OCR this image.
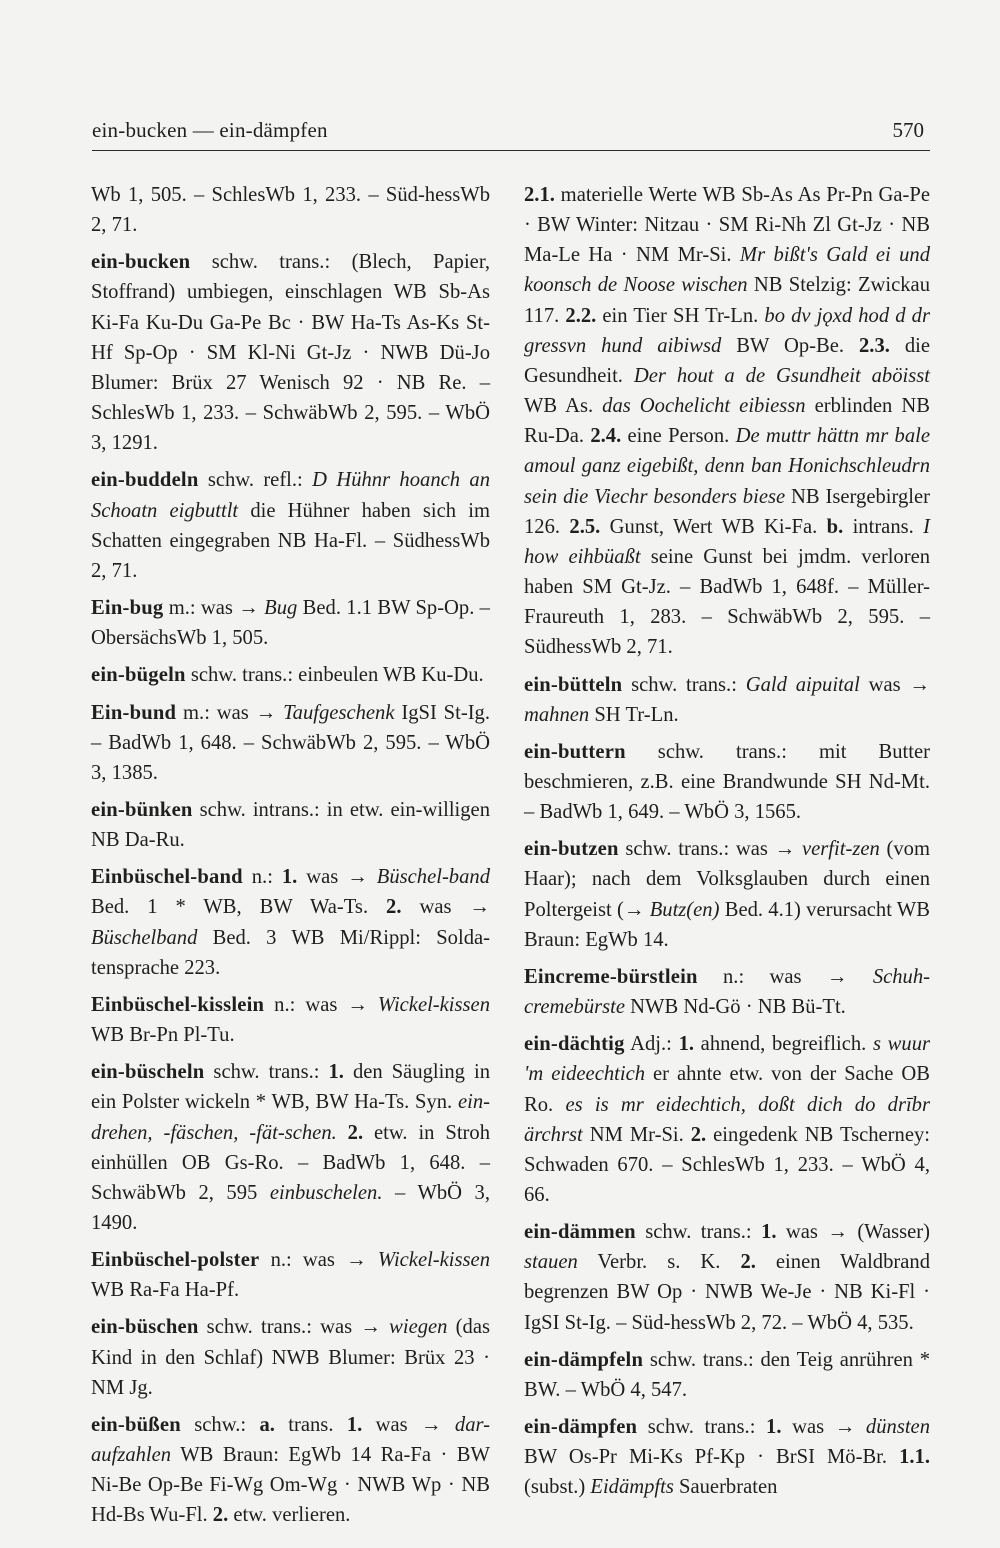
ein-bucken — ein-dämpfen	570

Wb 1, 505. – SchlesWb 1, 233. – Süd-hessWb 2, 71.

ein-bucken schw. trans.: (Blech, Papier, Stoffrand) umbiegen, einschlagen WB Sb-As Ki-Fa Ku-Du Ga-Pe Bc · BW Ha-Ts As-Ks St-Hf Sp-Op · SM Kl-Ni Gt-Jz · NWB Dü-Jo Blumer: Brüx 27 Wenisch 92 · NB Re. – SchlesWb 1, 233. – SchwäbWb 2, 595. – WbÖ 3, 1291.

ein-buddeln schw. refl.: D Hühnr hoanch an Schoatn eigbuttlt die Hühner haben sich im Schatten eingegraben NB Ha-Fl. – SüdhessWb 2, 71.

Ein-bug m.: was → Bug Bed. 1.1 BW Sp-Op. – ObersächsWb 1, 505.

ein-bügeln schw. trans.: einbeulen WB Ku-Du.

Ein-bund m.: was → Taufgeschenk IgSI St-Ig. – BadWb 1, 648. – SchwäbWb 2, 595. – WbÖ 3, 1385.

ein-bünken schw. intrans.: in etw. ein-willigen NB Da-Ru.

Einbüschel-band n.: 1. was → Büschel-band Bed. 1 * WB, BW Wa-Ts. 2. was → Büschelband Bed. 3 WB Mi/Rippl: Solda-tensprache 223.

Einbüschel-kisslein n.: was → Wickel-kissen WB Br-Pn Pl-Tu.

ein-büscheln schw. trans.: 1. den Säugling in ein Polster wickeln * WB, BW Ha-Ts. Syn. ein-drehen, -fäschen, -fät-schen. 2. etw. in Stroh einhüllen OB Gs-Ro. – BadWb 1, 648. – SchwäbWb 2, 595 einbuschelen. – WbÖ 3, 1490.

Einbüschel-polster n.: was → Wickel-kissen WB Ra-Fa Ha-Pf.

ein-büschen schw. trans.: was → wiegen (das Kind in den Schlaf) NWB Blumer: Brüx 23 · NM Jg.

ein-büßen schw.: a. trans. 1. was → dar-aufzahlen WB Braun: EgWb 14 Ra-Fa · BW Ni-Be Op-Be Fi-Wg Om-Wg · NWB Wp · NB Hd-Bs Wu-Fl. 2. etw. verlieren.

2.1. materielle Werte WB Sb-As As Pr-Pn Ga-Pe · BW Winter: Nitzau · SM Ri-Nh Zl Gt-Jz · NB Ma-Le Ha · NM Mr-Si. Mr bißt's Gald ei und koonsch de Noose wischen NB Stelzig: Zwickau 117. 2.2. ein Tier SH Tr-Ln. bo dv jǫxd hod d dr gressvn hund aibiwsd BW Op-Be. 2.3. die Gesundheit. Der hout a de Gsundheit aböisst WB As. das Oochelicht eibiessn erblinden NB Ru-Da. 2.4. eine Person. De muttr hättn mr bale amoul ganz eigebißt, denn ban Honichschleudrn sein die Viechr besonders biese NB Isergebirgler 126. 2.5. Gunst, Wert WB Ki-Fa. b. intrans. I how eihbüaßt seine Gunst bei jmdm. verloren haben SM Gt-Jz. – BadWb 1, 648f. – Müller-Fraureuth 1, 283. – SchwäbWb 2, 595. – SüdhessWb 2, 71.

ein-bütteln schw. trans.: Gald aipuital was → mahnen SH Tr-Ln.

ein-buttern schw. trans.: mit Butter beschmieren, z.B. eine Brandwunde SH Nd-Mt. – BadWb 1, 649. – WbÖ 3, 1565.

ein-butzen schw. trans.: was → verfit-zen (vom Haar); nach dem Volksglauben durch einen Poltergeist (→ Butz(en) Bed. 4.1) verursacht WB Braun: EgWb 14.

Eincreme-bürstlein n.: was → Schuh-cremebürste NWB Nd-Gö · NB Bü-Tt.

ein-dächtig Adj.: 1. ahnend, begreiflich. s wuur 'm eideechtich er ahnte etw. von der Sache OB Ro. es is mr eidechtich, doßt dich do drībr ärchrst NM Mr-Si. 2. eingedenk NB Tscherney: Schwaden 670. – SchlesWb 1, 233. – WbÖ 4, 66.

ein-dämmen schw. trans.: 1. was → (Wasser) stauen Verbr. s. K. 2. einen Waldbrand begrenzen BW Op · NWB We-Je · NB Ki-Fl · IgSI St-Ig. – Süd-hessWb 2, 72. – WbÖ 4, 535.

ein-dämpfeln schw. trans.: den Teig anrühren * BW. – WbÖ 4, 547.

ein-dämpfen schw. trans.: 1. was → dünsten BW Os-Pr Mi-Ks Pf-Kp · BrSI Mö-Br. 1.1. (subst.) Eidämpfts Sauerbraten
